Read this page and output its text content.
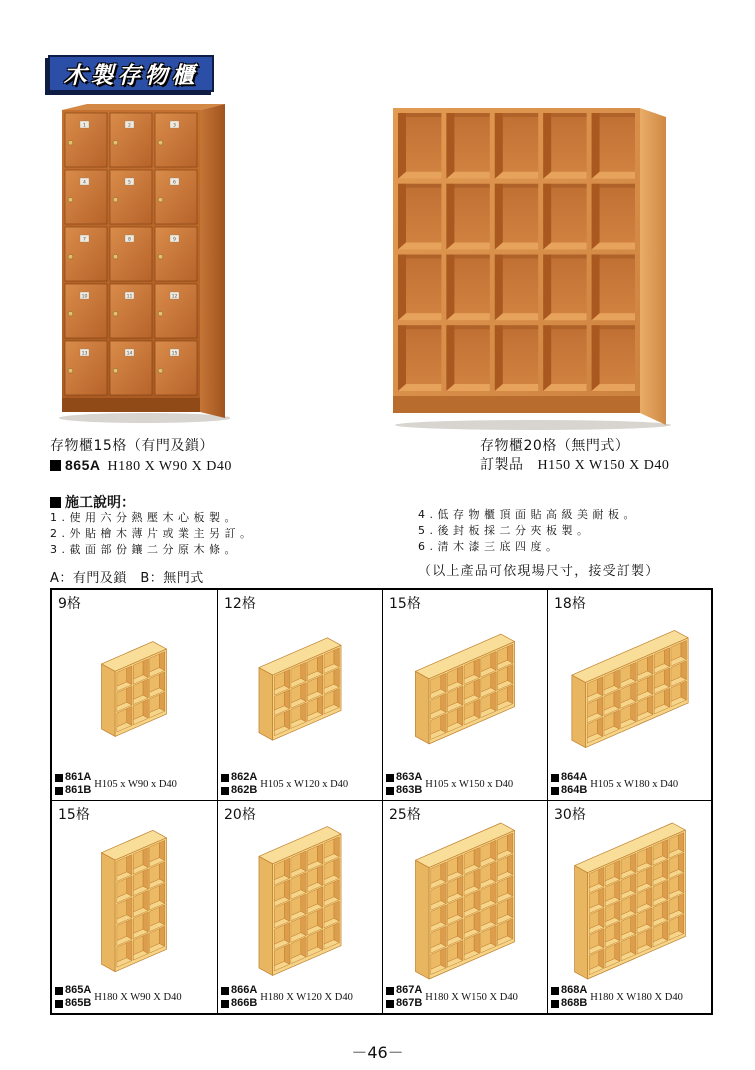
木製存物櫃
1	2	3
4	5	6
7	8	9
10	11	12
13	14	15
存物櫃15格（有門及鎖）
865A H180 X W90 X D40
存物櫃20格（無門式）
訂製品 H150 X W150 X D40
施工說明：
1.使用六分熱壓木心板製。
2.外貼檜木薄片或業主另訂。
3.截面部份鑲二分原木條。
4.低存物櫃頂面貼高級美耐板。
5.後封板採二分夾板製。
6.清木漆三底四度。
A：有門及鎖　B：無門式	（以上產品可依現場尺寸，接受訂製）
9格
861A
861B H105 x W90 x D40
12格
862A
862B H105 x W120 x D40
15格
863A
863B H105 x W150 x D40
18格
864A
864B H105 x W180 x D40
15格
865A
865B H180 X W90 X D40
20格
866A
866B H180 X W120 X D40
25格
867A
867B H180 X W150 X D40
30格
868A
868B H180 X W180 X D40
－46－
